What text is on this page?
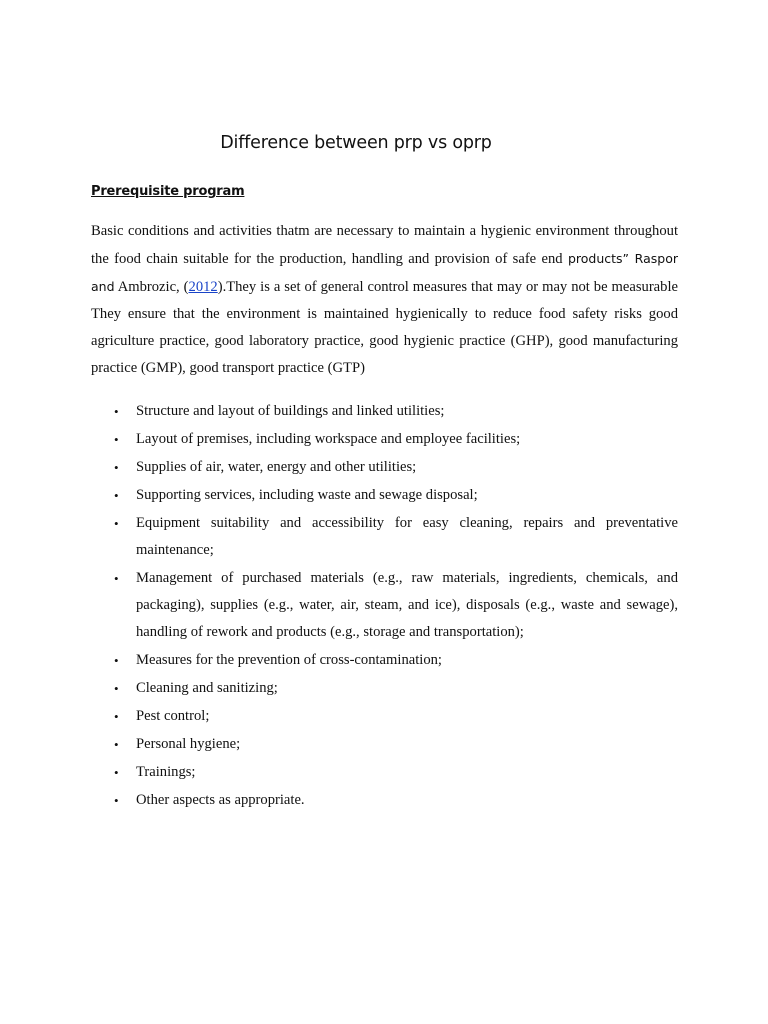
Difference between prp vs oprp
Prerequisite program

Basic conditions and activities thatm are necessary to maintain a hygienic environment throughout the food chain suitable for the production, handling and provision of safe end products” Raspor and Ambrozic, (2012).They is a set of general control measures that may or may not be measurable They ensure that the environment is maintained hygienically to reduce food safety risks good agriculture practice, good laboratory practice, good hygienic practice (GHP), good manufacturing practice (GMP), good transport practice (GTP)

• Structure and layout of buildings and linked utilities;
• Layout of premises, including workspace and employee facilities;
• Supplies of air, water, energy and other utilities;
• Supporting services, including waste and sewage disposal;
• Equipment suitability and accessibility for easy cleaning, repairs and preventative maintenance;
• Management of purchased materials (e.g., raw materials, ingredients, chemicals, and packaging), supplies (e.g., water, air, steam, and ice), disposals (e.g., waste and sewage), handling of rework and products (e.g., storage and transportation);
• Measures for the prevention of cross-contamination;
• Cleaning and sanitizing;
• Pest control;
• Personal hygiene;
• Trainings;
• Other aspects as appropriate.
